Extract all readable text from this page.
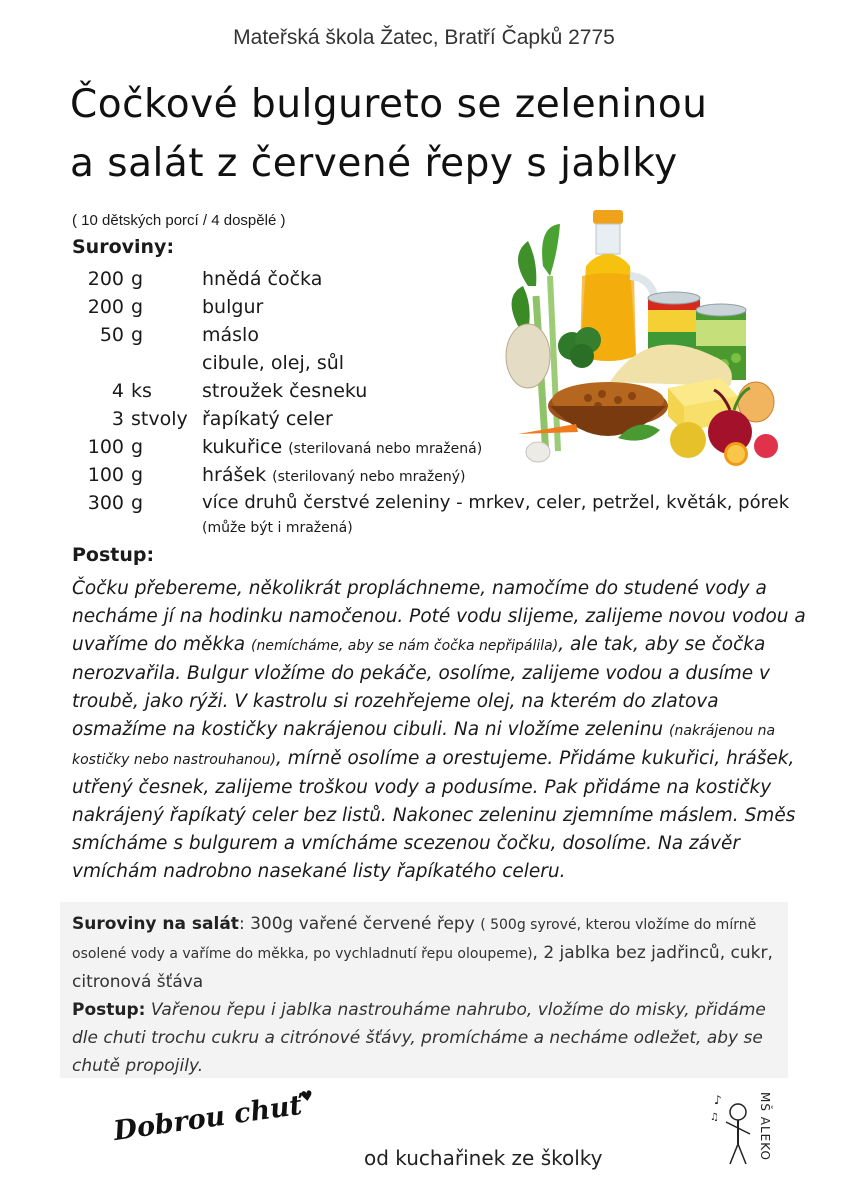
Mateřská škola Žatec, Bratří Čapků 2775
Čočkové bulgureto se zeleninou
a salát z červené řepy s jablky
( 10 dětských porcí / 4 dospělé )
Suroviny:
200 g	hnědá čočka
200 g	bulgur
50 g	máslo
cibule, olej, sůl
4 ks	stroužek česneku
3 stvoly řapíkatý celer
100 g	kukuřice (sterilovaná nebo mražená)
100 g	hrášek (sterilovaný nebo mražený)
300 g	více druhů čerstvé zeleniny - mrkev, celer, petržel, květák, pórek
(může být i mražená)
Postup:
Čočku přebereme, několikrát propláchneme, namočíme do studené vody a necháme jí na hodinku namočenou. Poté vodu slijeme, zalijeme novou vodou a uvaříme do měkka (nemícháme, aby se nám čočka nepřipálila), ale tak, aby se čočka nerozvařila. Bulgur vložíme do pekáče, osolíme, zalijeme vodou a dusíme v troubě, jako rýži. V kastrolu si rozehřejeme olej, na kterém do zlatova osmažíme na kostičky nakrájenou cibuli. Na ni vložíme zeleninu (nakrájenou na kostičky nebo nastrouhanou), mírně osolíme a orestujeme. Přidáme kukuřici, hrášek, utřený česnek, zalijeme troškou vody a podusíme. Pak přidáme na kostičky nakrájený řapíkatý celer bez listů. Nakonec zeleninu zjemníme máslem. Směs smícháme s bulgurem a vmícháme scezenou čočku, dosolíme. Na závěr vmíchám nadrobno nasekané listy řapíkatého celeru.
Suroviny na salát: 300g vařené červené řepy ( 500g syrové, kterou vložíme do mírně osolené vody a vaříme do měkka, po vychladnutí řepu oloupeme), 2 jablka bez jadřinců, cukr, citronová šťáva
Postup: Vařenou řepu i jablka nastrouháme nahrubo, vložíme do misky, přidáme dle chuti trochu cukru a citrónové šťávy, promícháme a necháme odležet, aby se chutě propojily.
Dobrou chuť♥
od kuchařinek ze školky
♪
♫	MŠ ALEKO
